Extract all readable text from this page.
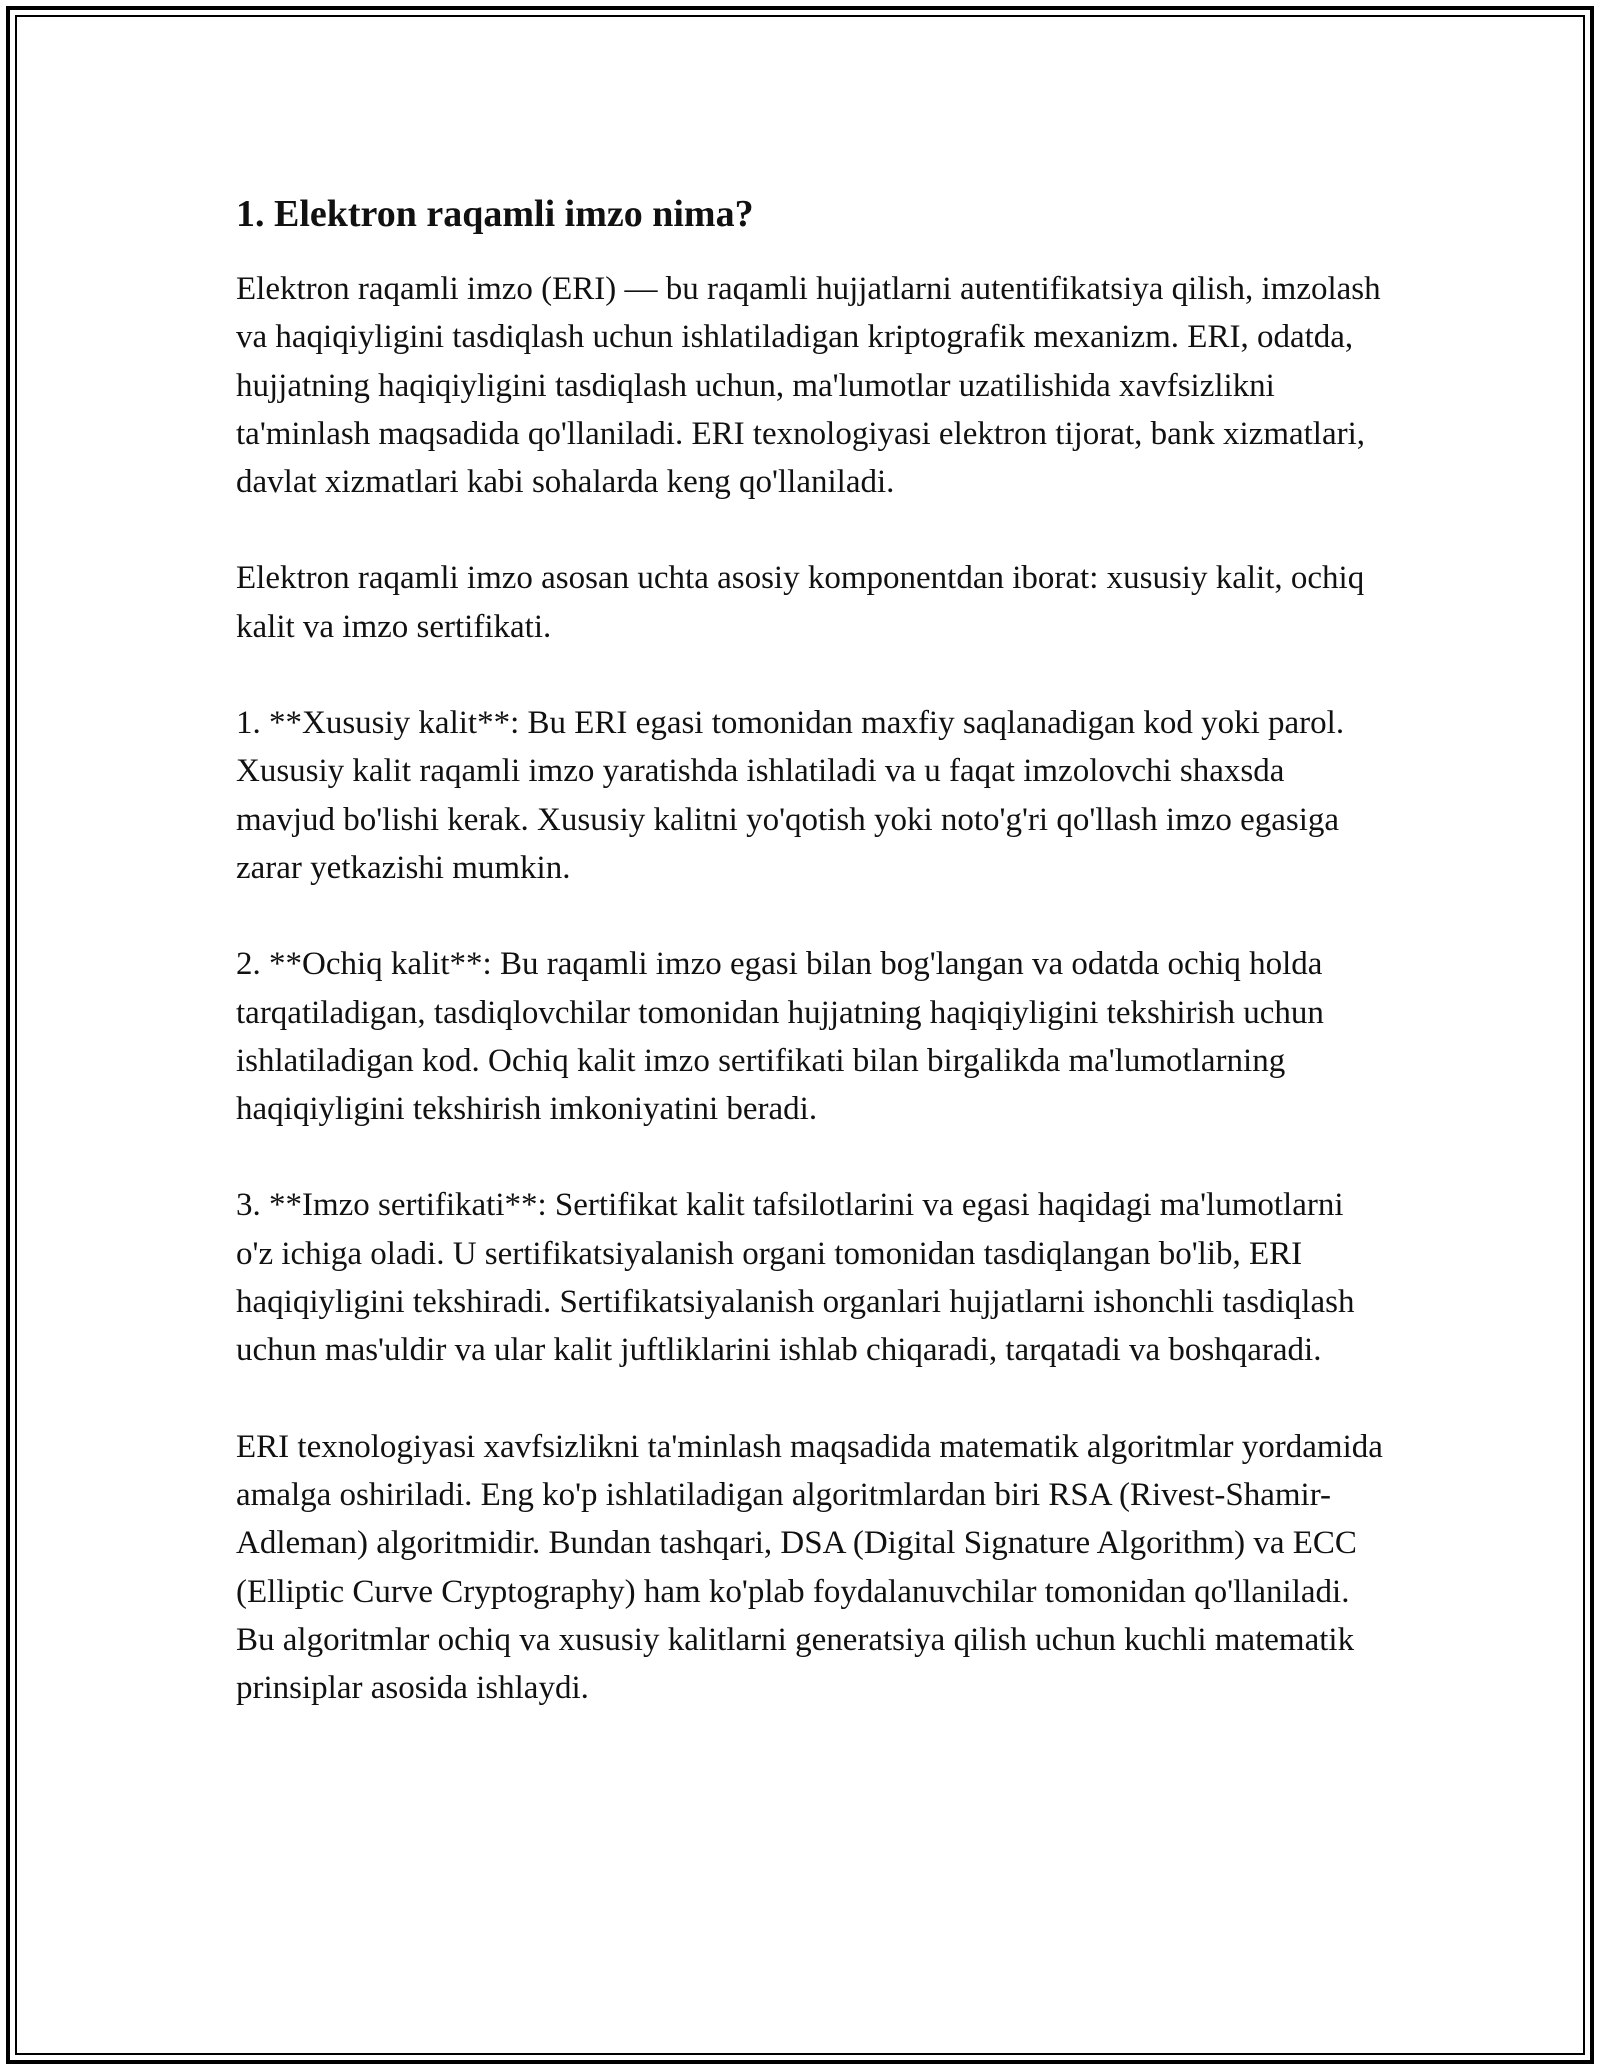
1. Elektron raqamli imzo nima?

Elektron raqamli imzo (ERI) — bu raqamli hujjatlarni autentifikatsiya qilish, imzolash va haqiqiyligini tasdiqlash uchun ishlatiladigan kriptografik mexanizm. ERI, odatda, hujjatning haqiqiyligini tasdiqlash uchun, ma'lumotlar uzatilishida xavfsizlikni ta'minlash maqsadida qo'llaniladi. ERI texnologiyasi elektron tijorat, bank xizmatlari, davlat xizmatlari kabi sohalarda keng qo'llaniladi.

Elektron raqamli imzo asosan uchta asosiy komponentdan iborat: xususiy kalit, ochiq kalit va imzo sertifikati.

1. **Xususiy kalit**: Bu ERI egasi tomonidan maxfiy saqlanadigan kod yoki parol. Xususiy kalit raqamli imzo yaratishda ishlatiladi va u faqat imzolovchi shaxsda mavjud bo'lishi kerak. Xususiy kalitni yo'qotish yoki noto'g'ri qo'llash imzo egasiga zarar yetkazishi mumkin.

2. **Ochiq kalit**: Bu raqamli imzo egasi bilan bog'langan va odatda ochiq holda tarqatiladigan, tasdiqlovchilar tomonidan hujjatning haqiqiyligini tekshirish uchun ishlatiladigan kod. Ochiq kalit imzo sertifikati bilan birgalikda ma'lumotlarning haqiqiyligini tekshirish imkoniyatini beradi.

3. **Imzo sertifikati**: Sertifikat kalit tafsilotlarini va egasi haqidagi ma'lumotlarni o'z ichiga oladi. U sertifikatsiyalanish organi tomonidan tasdiqlangan bo'lib, ERI haqiqiyligini tekshiradi. Sertifikatsiyalanish organlari hujjatlarni ishonchli tasdiqlash uchun mas'uldir va ular kalit juftliklarini ishlab chiqaradi, tarqatadi va boshqaradi.

ERI texnologiyasi xavfsizlikni ta'minlash maqsadida matematik algoritmlar yordamida amalga oshiriladi. Eng ko'p ishlatiladigan algoritmlardan biri RSA (Rivest-Shamir-Adleman) algoritmidir. Bundan tashqari, DSA (Digital Signature Algorithm) va ECC (Elliptic Curve Cryptography) ham ko'plab foydalanuvchilar tomonidan qo'llaniladi. Bu algoritmlar ochiq va xususiy kalitlarni generatsiya qilish uchun kuchli matematik prinsiplar asosida ishlaydi.
